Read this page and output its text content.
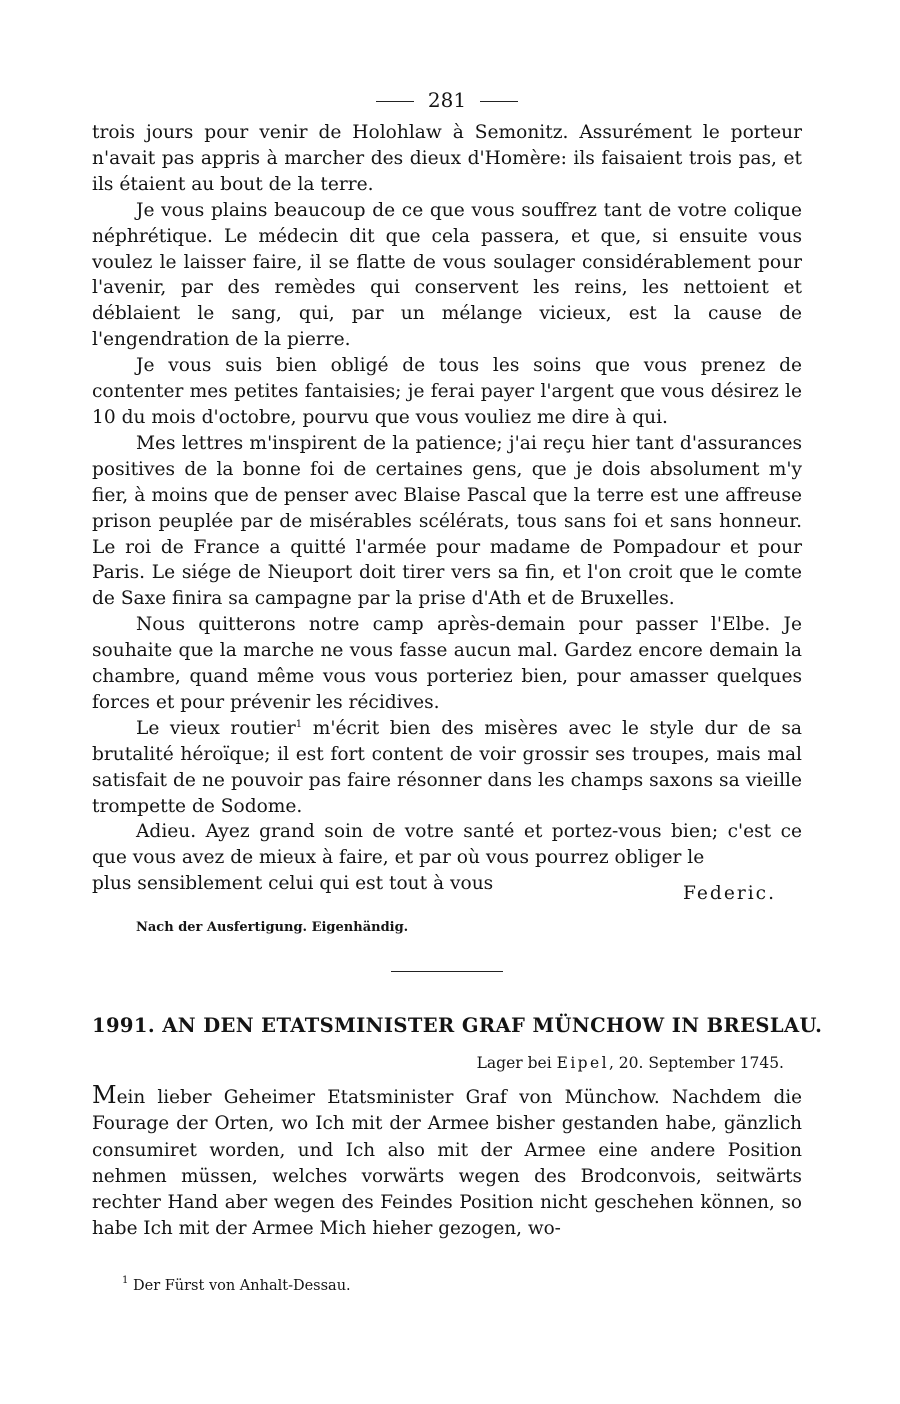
281

trois jours pour venir de Holohlaw à Semonitz. Assurément le porteur n'avait pas appris à marcher des dieux d'Homère: ils faisaient trois pas, et ils étaient au bout de la terre.

Je vous plains beaucoup de ce que vous souffrez tant de votre colique néphrétique. Le médecin dit que cela passera, et que, si ensuite vous voulez le laisser faire, il se flatte de vous soulager considérablement pour l'avenir, par des remèdes qui conservent les reins, les nettoient et déblaient le sang, qui, par un mélange vicieux, est la cause de l'engendration de la pierre.

Je vous suis bien obligé de tous les soins que vous prenez de contenter mes petites fantaisies; je ferai payer l'argent que vous désirez le 10 du mois d'octobre, pourvu que vous vouliez me dire à qui.

Mes lettres m'inspirent de la patience; j'ai reçu hier tant d'assurances positives de la bonne foi de certaines gens, que je dois absolument m'y fier, à moins que de penser avec Blaise Pascal que la terre est une affreuse prison peuplée par de misérables scélérats, tous sans foi et sans honneur. Le roi de France a quitté l'armée pour madame de Pompadour et pour Paris. Le siége de Nieuport doit tirer vers sa fin, et l'on croit que le comte de Saxe finira sa campagne par la prise d'Ath et de Bruxelles.

Nous quitterons notre camp après-demain pour passer l'Elbe. Je souhaite que la marche ne vous fasse aucun mal. Gardez encore demain la chambre, quand même vous vous porteriez bien, pour amasser quelques forces et pour prévenir les récidives.

Le vieux routier$^1$ m'écrit bien des misères avec le style dur de sa brutalité héroïque; il est fort content de voir grossir ses troupes, mais mal satisfait de ne pouvoir pas faire résonner dans les champs saxons sa vieille trompette de Sodome.

Adieu. Ayez grand soin de votre santé et portez-vous bien; c'est ce que vous avez de mieux à faire, et par où vous pourrez obliger le

plus sensiblement celui qui est tout à vous	Federic.
Nach der Ausfertigung. Eigenhändig.
1991. AN DEN ETATSMINISTER GRAF MÜNCHOW IN BRESLAU.
Lager bei Eipel, 20. September 1745.

Mein lieber Geheimer Etatsminister Graf von Münchow. Nachdem die Fourage der Orten, wo Ich mit der Armee bisher gestanden habe, gänzlich consumiret worden, und Ich also mit der Armee eine andere Position nehmen müssen, welches vorwärts wegen des Brodconvois, seitwärts rechter Hand aber wegen des Feindes Position nicht geschehen können, so habe Ich mit der Armee Mich hieher gezogen, wo-

$^1$ Der Fürst von Anhalt-Dessau.
